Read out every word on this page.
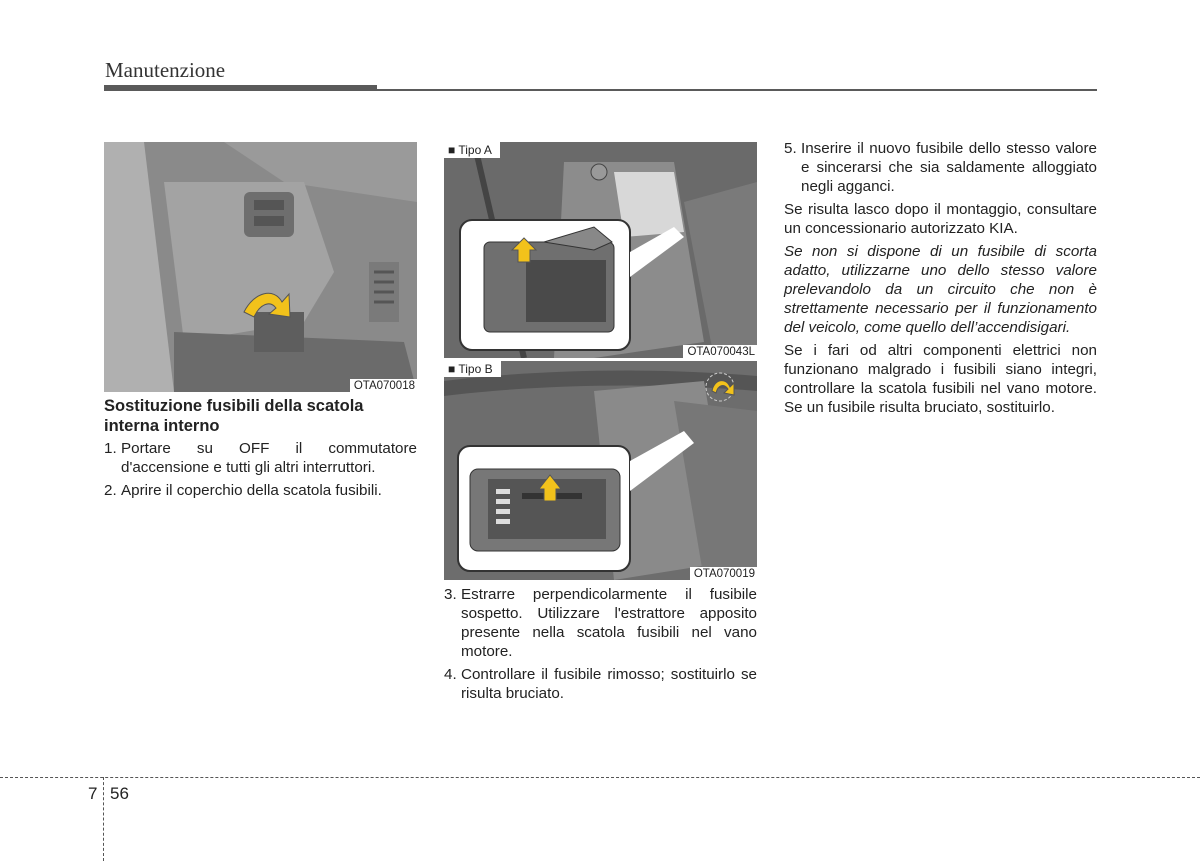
Manutenzione
OTA070018
■ Tipo A
OTA070043L
■ Tipo B
OTA070019
Sostituzione fusibili della scatola interna interno
1. Portare su OFF il commutatore d'accensione e tutti gli altri interruttori.
2. Aprire il coperchio della scatola fusibili.
3. Estrarre perpendicolarmente il fusibile sospetto. Utilizzare l'estrattore apposito presente nella scatola fusibili nel vano motore.
4. Controllare il fusibile rimosso; sostituirlo se risulta bruciato.
5. Inserire il nuovo fusibile dello stesso valore e sincerarsi che sia saldamente alloggiato negli agganci.

Se risulta lasco dopo il montaggio, consultare un concessionario autorizzato KIA.

Se non si dispone di un fusibile di scorta adatto, utilizzarne uno dello stesso valore prelevandolo da un circuito che non è strettamente necessario per il funzionamento del veicolo, come quello dell’accendisigari.

Se i fari od altri componenti elettrici non funzionano malgrado i fusibili siano integri, controllare la scatola fusibili nel vano motore. Se un fusibile risulta bruciato, sostituirlo.

7 56
